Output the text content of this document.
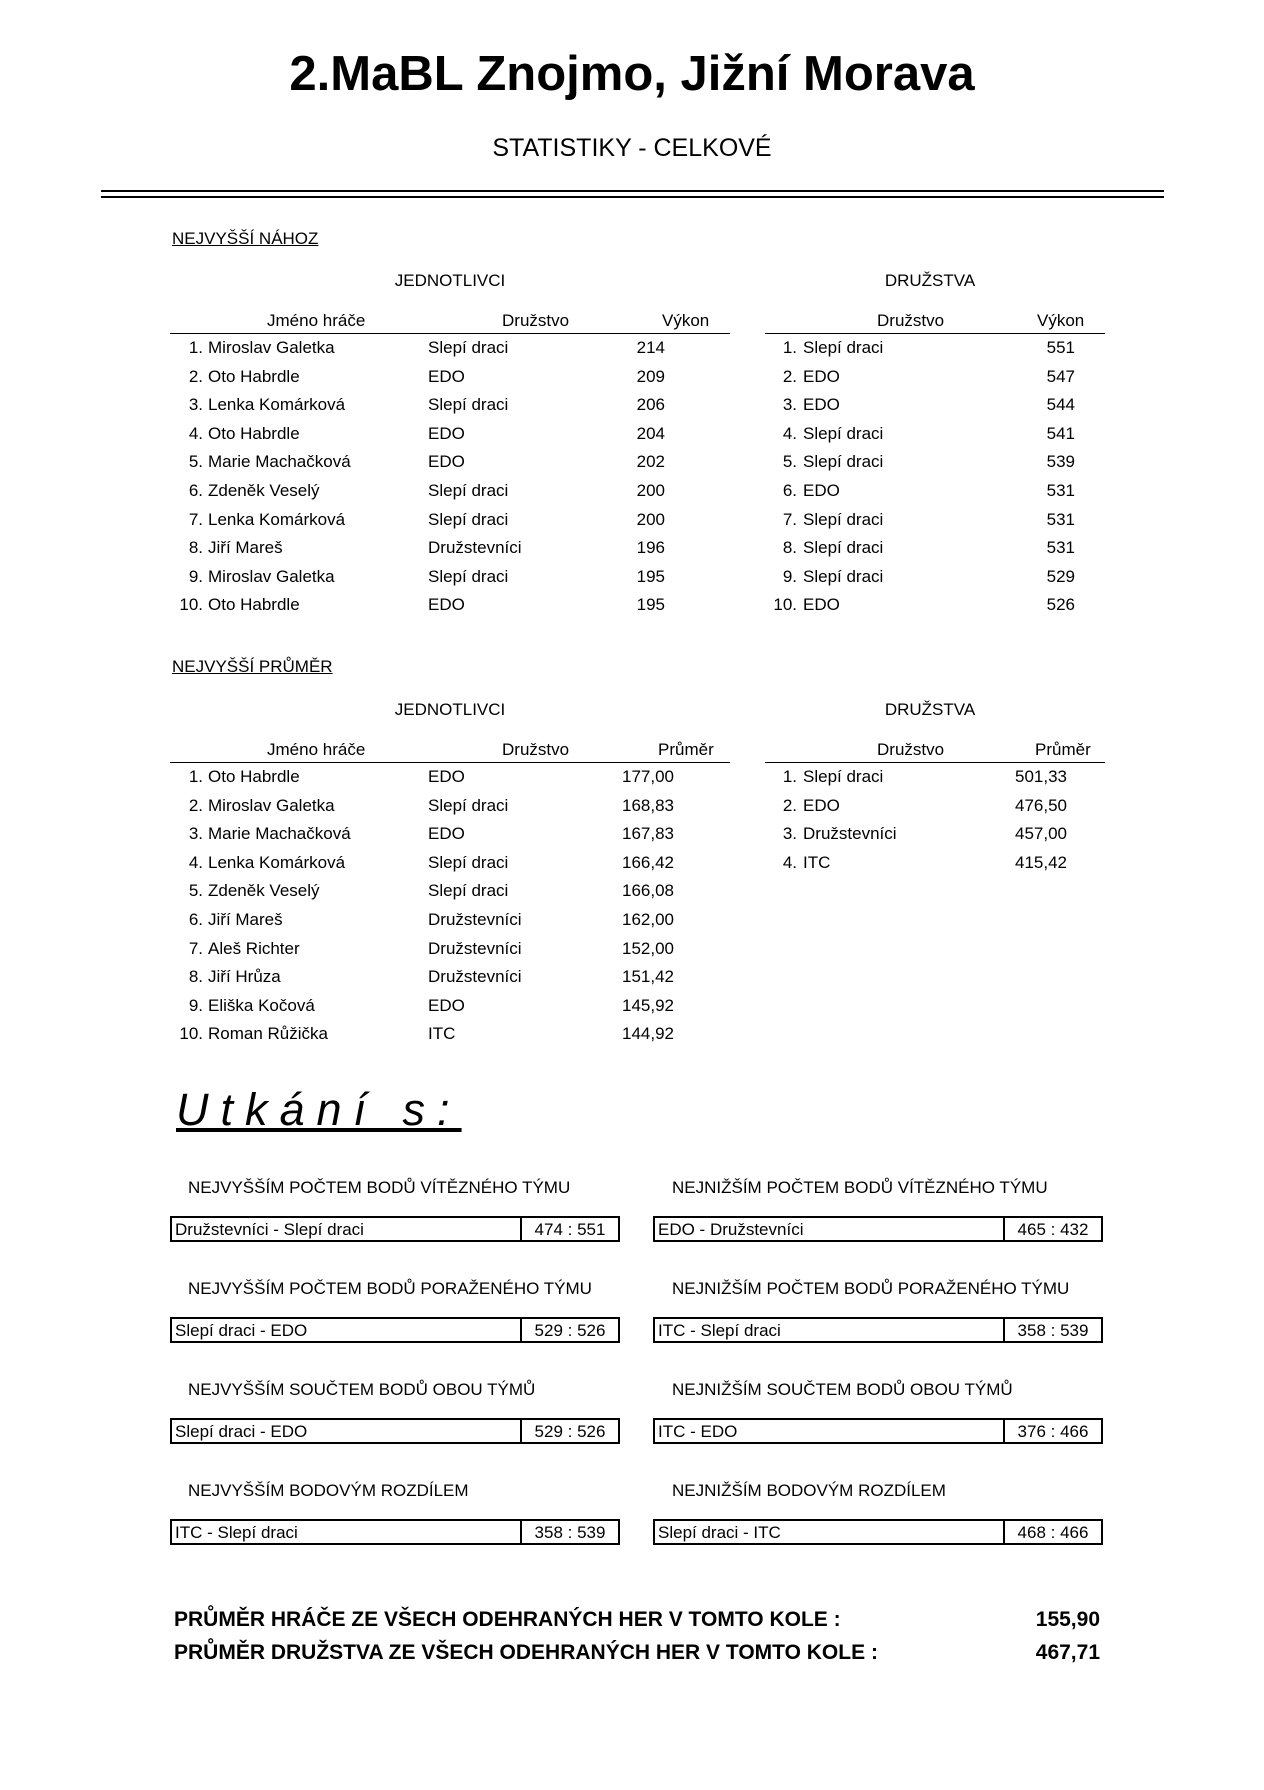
2.MaBL Znojmo, Jižní Morava
STATISTIKY - CELKOVÉ
NEJVYŠŠÍ NÁHOZ
JEDNOTLIVCI	DRUŽSTVA
Jméno hráče	Družstvo	Výkon
1. Miroslav Galetka	Slepí draci	214
2. Oto Habrdle	EDO	209
3. Lenka Komárková	Slepí draci	206
4. Oto Habrdle	EDO	204
5. Marie Machačková	EDO	202
6. Zdeněk Veselý	Slepí draci	200
7. Lenka Komárková	Slepí draci	200
8. Jiří Mareš	Družstevníci	196
9. Miroslav Galetka	Slepí draci	195
10. Oto Habrdle	EDO	195
Družstvo	Výkon
1. Slepí draci	551
2. EDO	547
3. EDO	544
4. Slepí draci	541
5. Slepí draci	539
6. EDO	531
7. Slepí draci	531
8. Slepí draci	531
9. Slepí draci	529
10. EDO	526
NEJVYŠŠÍ PRŮMĚR
JEDNOTLIVCI	DRUŽSTVA
Jméno hráče	Družstvo	Průměr
1. Oto Habrdle	EDO	177,00
2. Miroslav Galetka	Slepí draci	168,83
3. Marie Machačková	EDO	167,83
4. Lenka Komárková	Slepí draci	166,42
5. Zdeněk Veselý	Slepí draci	166,08
6. Jiří Mareš	Družstevníci	162,00
7. Aleš Richter	Družstevníci	152,00
8. Jiří Hrůza	Družstevníci	151,42
9. Eliška Kočová	EDO	145,92
10. Roman Růžička	ITC	144,92
Družstvo	Průměr
1. Slepí draci	501,33
2. EDO	476,50
3. Družstevníci	457,00
4. ITC	415,42
Utkání s:
NEJVYŠŠÍM POČTEM BODŮ VÍTĚZNÉHO TÝMU
Družstevníci - Slepí draci	474 : 551
NEJNIŽŠÍM POČTEM BODŮ VÍTĚZNÉHO TÝMU
EDO - Družstevníci	465 : 432
NEJVYŠŠÍM POČTEM BODŮ PORAŽENÉHO TÝMU
Slepí draci - EDO	529 : 526
NEJNIŽŠÍM POČTEM BODŮ PORAŽENÉHO TÝMU
ITC - Slepí draci	358 : 539
NEJVYŠŠÍM SOUČTEM BODŮ OBOU TÝMŮ
Slepí draci - EDO	529 : 526
NEJNIŽŠÍM SOUČTEM BODŮ OBOU TÝMŮ
ITC - EDO	376 : 466
NEJVYŠŠÍM BODOVÝM ROZDÍLEM
ITC - Slepí draci	358 : 539
NEJNIŽŠÍM BODOVÝM ROZDÍLEM
Slepí draci - ITC	468 : 466
PRŮMĚR HRÁČE ZE VŠECH ODEHRANÝCH HER V TOMTO KOLE :	155,90
PRŮMĚR DRUŽSTVA ZE VŠECH ODEHRANÝCH HER V TOMTO KOLE :	467,71
